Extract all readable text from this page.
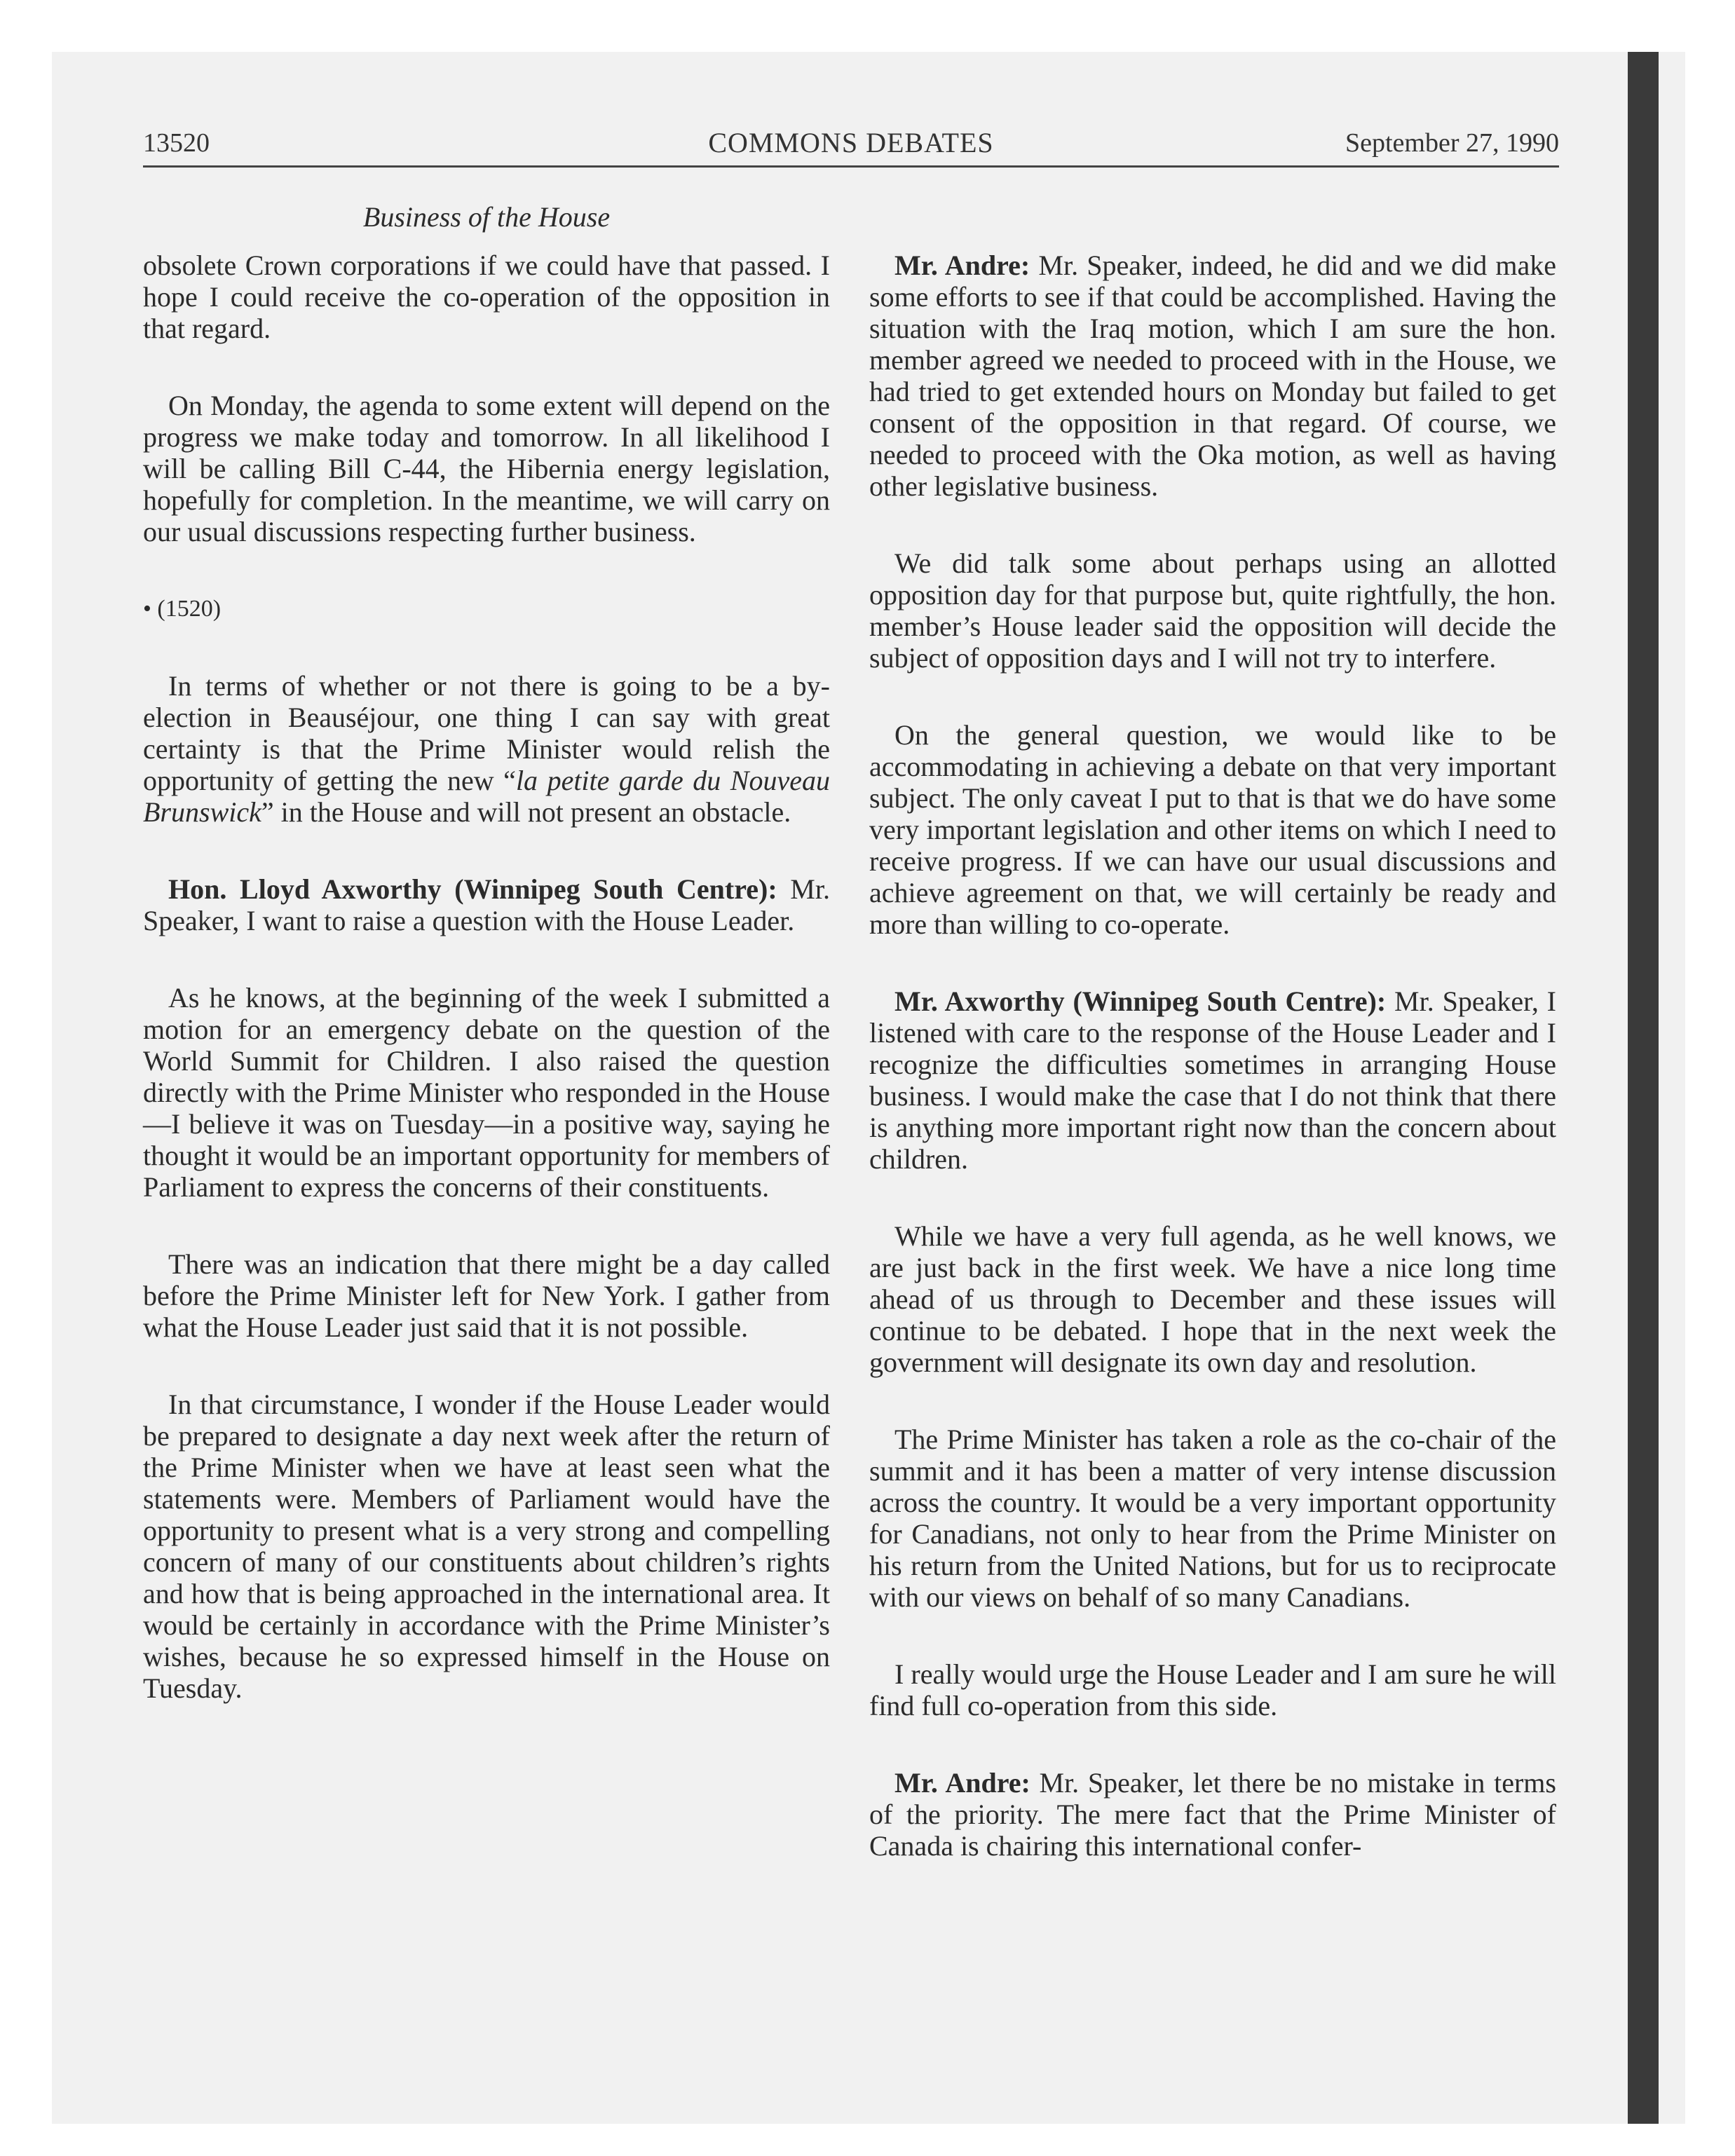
13520	COMMONS DEBATES	September 27, 1990
Business of the House

obsolete Crown corporations if we could have that passed. I hope I could receive the co-operation of the opposition in that regard.

On Monday, the agenda to some extent will depend on the progress we make today and tomorrow. In all likelihood I will be calling Bill C-44, the Hibernia energy legislation, hopefully for completion. In the meantime, we will carry on our usual discussions respecting further business.

• (1520)

In terms of whether or not there is going to be a by-election in Beauséjour, one thing I can say with great certainty is that the Prime Minister would relish the opportunity of getting the new “la petite garde du Nouveau Brunswick” in the House and will not present an obstacle.

Hon. Lloyd Axworthy (Winnipeg South Centre): Mr. Speaker, I want to raise a question with the House Leader.

As he knows, at the beginning of the week I submitted a motion for an emergency debate on the question of the World Summit for Children. I also raised the question directly with the Prime Minister who responded in the House—I believe it was on Tuesday—in a positive way, saying he thought it would be an important opportunity for members of Parliament to express the concerns of their constituents.

There was an indication that there might be a day called before the Prime Minister left for New York. I gather from what the House Leader just said that it is not possible.

In that circumstance, I wonder if the House Leader would be prepared to designate a day next week after the return of the Prime Minister when we have at least seen what the statements were. Members of Parliament would have the opportunity to present what is a very strong and compelling concern of many of our constituents about children’s rights and how that is being approached in the international area. It would be certainly in accordance with the Prime Minister’s wishes, because he so expressed himself in the House on Tuesday.

Mr. Andre: Mr. Speaker, indeed, he did and we did make some efforts to see if that could be accomplished. Having the situation with the Iraq motion, which I am sure the hon. member agreed we needed to proceed with in the House, we had tried to get extended hours on Monday but failed to get consent of the opposition in that regard. Of course, we needed to proceed with the Oka motion, as well as having other legislative business.

We did talk some about perhaps using an allotted opposition day for that purpose but, quite rightfully, the hon. member’s House leader said the opposition will decide the subject of opposition days and I will not try to interfere.

On the general question, we would like to be accommodating in achieving a debate on that very important subject. The only caveat I put to that is that we do have some very important legislation and other items on which I need to receive progress. If we can have our usual discussions and achieve agreement on that, we will certainly be ready and more than willing to co-operate.

Mr. Axworthy (Winnipeg South Centre): Mr. Speaker, I listened with care to the response of the House Leader and I recognize the difficulties sometimes in arranging House business. I would make the case that I do not think that there is anything more important right now than the concern about children.

While we have a very full agenda, as he well knows, we are just back in the first week. We have a nice long time ahead of us through to December and these issues will continue to be debated. I hope that in the next week the government will designate its own day and resolution.

The Prime Minister has taken a role as the co-chair of the summit and it has been a matter of very intense discussion across the country. It would be a very important opportunity for Canadians, not only to hear from the Prime Minister on his return from the United Nations, but for us to reciprocate with our views on behalf of so many Canadians.

I really would urge the House Leader and I am sure he will find full co-operation from this side.

Mr. Andre: Mr. Speaker, let there be no mistake in terms of the priority. The mere fact that the Prime Minister of Canada is chairing this international confer-
